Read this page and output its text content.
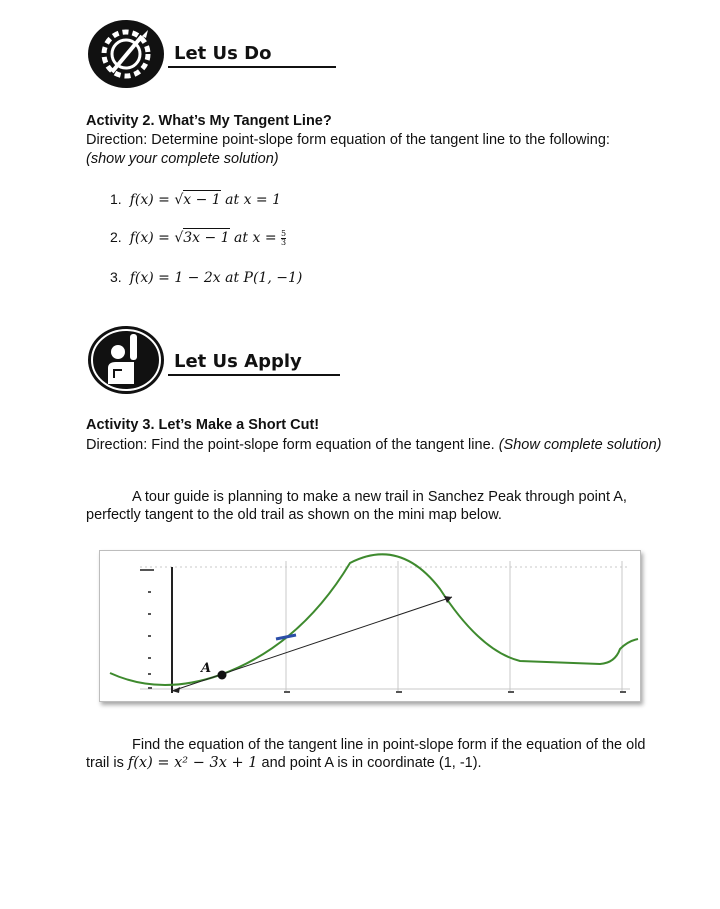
Let Us Do
Activity 2. What’s My Tangent Line?
Direction: Determine point-slope form equation of the tangent line to the following:
(show your complete solution)
1. f(x) = √x − 1 at x = 1
2. f(x) = √3x − 1 at $x = \frac{5}{3}$
3. f(x) = 1 − 2x at P(1, −1)
Let Us Apply
Activity 3. Let’s Make a Short Cut!
Direction: Find the point-slope form equation of the tangent line. (Show complete solution)
A tour guide is planning to make a new trail in Sanchez Peak through point A, perfectly tangent to the old trail as shown on the mini map below.
A
Find the equation of the tangent line in point-slope form if the equation of the old trail is f(x) = x² − 3x + 1 and point A is in coordinate (1, -1).
